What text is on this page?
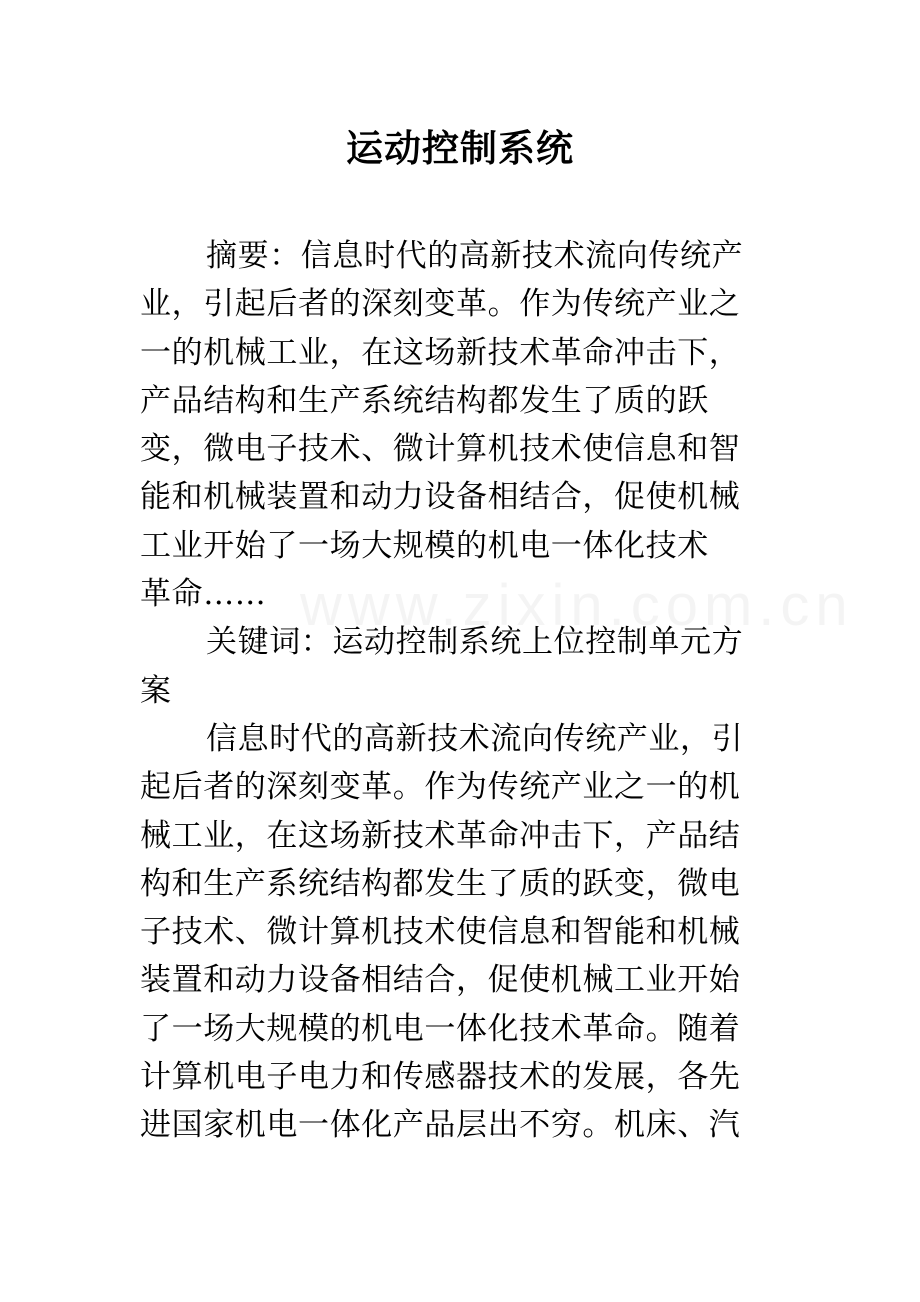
运动控制系统
摘要：信息时代的高新技术流向传统产
业，引起后者的深刻变革。作为传统产业之
一的机械工业，在这场新技术革命冲击下，
产品结构和生产系统结构都发生了质的跃
变，微电子技术、微计算机技术使信息和智
能和机械装置和动力设备相结合，促使机械
工业开始了一场大规模的机电一体化技术
革命……
关键词：运动控制系统上位控制单元方
案
信息时代的高新技术流向传统产业，引
起后者的深刻变革。作为传统产业之一的机
械工业，在这场新技术革命冲击下，产品结
构和生产系统结构都发生了质的跃变，微电
子技术、微计算机技术使信息和智能和机械
装置和动力设备相结合，促使机械工业开始
了一场大规模的机电一体化技术革命。随着
计算机电子电力和传感器技术的发展，各先
进国家机电一体化产品层出不穷。机床、汽
